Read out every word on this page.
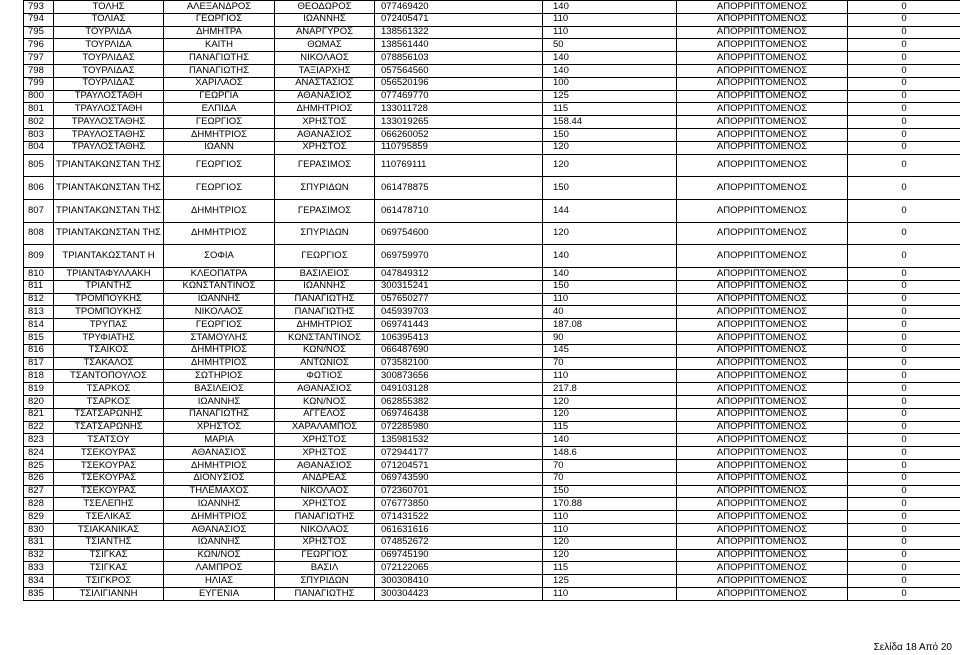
793	ΤΟΛΗΣ	ΑΛΕΞΑΝΔΡΟΣ	ΘΕΟΔΩΡΟΣ	077469420	140	ΑΠΟΡΡΙΠΤΟΜΕΝΟΣ	0
794	ΤΟΛΙΑΣ	ΓΕΩΡΓΙΟΣ	ΙΩΑΝΝΗΣ	072405471	110	ΑΠΟΡΡΙΠΤΟΜΕΝΟΣ	0
795	ΤΟΥΡΛΙΔΑ	ΔΗΜΗΤΡΑ	ΑΝΑΡΓΥΡΟΣ	138561322	110	ΑΠΟΡΡΙΠΤΟΜΕΝΟΣ	0
796	ΤΟΥΡΛΙΔΑ	ΚΑΙΤΗ	ΘΩΜΑΣ	138561440	50	ΑΠΟΡΡΙΠΤΟΜΕΝΟΣ	0
797	ΤΟΥΡΛΙΔΑΣ	ΠΑΝΑΓΙΩΤΗΣ	ΝΙΚΟΛΑΟΣ	078856103	140	ΑΠΟΡΡΙΠΤΟΜΕΝΟΣ	0
798	ΤΟΥΡΛΙΔΑΣ	ΠΑΝΑΓΙΩΤΗΣ	ΤΑΞΙΑΡΧΗΣ	057564560	140	ΑΠΟΡΡΙΠΤΟΜΕΝΟΣ	0
799	ΤΟΥΡΛΙΔΑΣ	ΧΑΡΙΛΑΟΣ	ΑΝΑΣΤΑΣΙΟΣ	056520196	100	ΑΠΟΡΡΙΠΤΟΜΕΝΟΣ	0
800	ΤΡΑΥΛΟΣΤΑΘΗ	ΓΕΩΡΓΙΑ	ΑΘΑΝΑΣΙΟΣ	077469770	125	ΑΠΟΡΡΙΠΤΟΜΕΝΟΣ	0
801	ΤΡΑΥΛΟΣΤΑΘΗ	ΕΛΠΙΔΑ	ΔΗΜΗΤΡΙΟΣ	133011728	115	ΑΠΟΡΡΙΠΤΟΜΕΝΟΣ	0
802	ΤΡΑΥΛΟΣΤΑΘΗΣ	ΓΕΩΡΓΙΟΣ	ΧΡΗΣΤΟΣ	133019265	158.44	ΑΠΟΡΡΙΠΤΟΜΕΝΟΣ	0
803	ΤΡΑΥΛΟΣΤΑΘΗΣ	ΔΗΜΗΤΡΙΟΣ	ΑΘΑΝΑΣΙΟΣ	066260052	150	ΑΠΟΡΡΙΠΤΟΜΕΝΟΣ	0
804	ΤΡΑΥΛΟΣΤΑΘΗΣ	ΙΩΑΝΝ	ΧΡΗΣΤΟΣ	110795859	120	ΑΠΟΡΡΙΠΤΟΜΕΝΟΣ	0
805	ΤΡΙΑΝΤΑΚΩΝΣΤΑΝ ΤΗΣ	ΓΕΩΡΓΙΟΣ	ΓΕΡΑΣΙΜΟΣ	110769111	120	ΑΠΟΡΡΙΠΤΟΜΕΝΟΣ	0
806	ΤΡΙΑΝΤΑΚΩΝΣΤΑΝ ΤΗΣ	ΓΕΩΡΓΙΟΣ	ΣΠΥΡΙΔΩΝ	061478875	150	ΑΠΟΡΡΙΠΤΟΜΕΝΟΣ	0
807	ΤΡΙΑΝΤΑΚΩΝΣΤΑΝ ΤΗΣ	ΔΗΜΗΤΡΙΟΣ	ΓΕΡΑΣΙΜΟΣ	061478710	144	ΑΠΟΡΡΙΠΤΟΜΕΝΟΣ	0
808	ΤΡΙΑΝΤΑΚΩΝΣΤΑΝ ΤΗΣ	ΔΗΜΗΤΡΙΟΣ	ΣΠΥΡΙΔΩΝ	069754600	120	ΑΠΟΡΡΙΠΤΟΜΕΝΟΣ	0
809	ΤΡΙΑΝΤΑΚΩΣΤΑΝΤ Η	ΣΟΦΙΑ	ΓΕΩΡΓΙΟΣ	069759970	140	ΑΠΟΡΡΙΠΤΟΜΕΝΟΣ	0
810	ΤΡΙΑΝΤΑΦΥΛΛΑΚΗ	ΚΛΕΟΠΑΤΡΑ	ΒΑΣΙΛΕΙΟΣ	047849312	140	ΑΠΟΡΡΙΠΤΟΜΕΝΟΣ	0
811	ΤΡΙΑΝΤΗΣ	ΚΩΝΣΤΑΝΤΙΝΟΣ	ΙΩΑΝΝΗΣ	300315241	150	ΑΠΟΡΡΙΠΤΟΜΕΝΟΣ	0
812	ΤΡΟΜΠΟΥΚΗΣ	ΙΩΑΝΝΗΣ	ΠΑΝΑΓΙΩΤΗΣ	057650277	110	ΑΠΟΡΡΙΠΤΟΜΕΝΟΣ	0
813	ΤΡΟΜΠΟΥΚΗΣ	ΝΙΚΟΛΑΟΣ	ΠΑΝΑΓΙΩΤΗΣ	045939703	40	ΑΠΟΡΡΙΠΤΟΜΕΝΟΣ	0
814	ΤΡΥΠΑΣ	ΓΕΩΡΓΙΟΣ	ΔΗΜΗΤΡΙΟΣ	069741443	187.08	ΑΠΟΡΡΙΠΤΟΜΕΝΟΣ	0
815	ΤΡΥΦΙΑΤΗΣ	ΣΤΑΜΟΥΛΗΣ	ΚΩΝΣΤΑΝΤΙΝΟΣ	106395413	90	ΑΠΟΡΡΙΠΤΟΜΕΝΟΣ	0
816	ΤΣΑΙΚΟΣ	ΔΗΜΗΤΡΙΟΣ	ΚΩΝ/ΝΟΣ	066487690	145	ΑΠΟΡΡΙΠΤΟΜΕΝΟΣ	0
817	ΤΣΑΚΑΛΟΣ	ΔΗΜΗΤΡΙΟΣ	ΑΝΤΩΝΙΟΣ	073582100	70	ΑΠΟΡΡΙΠΤΟΜΕΝΟΣ	0
818	ΤΣΑΝΤΟΠΟΥΛΟΣ	ΣΩΤΗΡΙΟΣ	ΦΩΤΙΟΣ	300873656	110	ΑΠΟΡΡΙΠΤΟΜΕΝΟΣ	0
819	ΤΣΑΡΚΟΣ	ΒΑΣΙΛΕΙΟΣ	ΑΘΑΝΑΣΙΟΣ	049103128	217.8	ΑΠΟΡΡΙΠΤΟΜΕΝΟΣ	0
820	ΤΣΑΡΚΟΣ	ΙΩΑΝΝΗΣ	ΚΩΝ/ΝΟΣ	062855382	120	ΑΠΟΡΡΙΠΤΟΜΕΝΟΣ	0
821	ΤΣΑΤΣΑΡΩΝΗΣ	ΠΑΝΑΓΙΩΤΗΣ	ΑΓΓΕΛΟΣ	069746438	120	ΑΠΟΡΡΙΠΤΟΜΕΝΟΣ	0
822	ΤΣΑΤΣΑΡΩΝΗΣ	ΧΡΗΣΤΟΣ	ΧΑΡΑΛΑΜΠΟΣ	072285980	115	ΑΠΟΡΡΙΠΤΟΜΕΝΟΣ	0
823	ΤΣΑΤΣΟΥ	ΜΑΡΙΑ	ΧΡΗΣΤΟΣ	135981532	140	ΑΠΟΡΡΙΠΤΟΜΕΝΟΣ	0
824	ΤΣΕΚΟΥΡΑΣ	ΑΘΑΝΑΣΙΟΣ	ΧΡΗΣΤΟΣ	072944177	148.6	ΑΠΟΡΡΙΠΤΟΜΕΝΟΣ	0
825	ΤΣΕΚΟΥΡΑΣ	ΔΗΜΗΤΡΙΟΣ	ΑΘΑΝΑΣΙΟΣ	071204571	70	ΑΠΟΡΡΙΠΤΟΜΕΝΟΣ	0
826	ΤΣΕΚΟΥΡΑΣ	ΔΙΟΝΥΣΙΟΣ	ΑΝΔΡΕΑΣ	069743590	70	ΑΠΟΡΡΙΠΤΟΜΕΝΟΣ	0
827	ΤΣΕΚΟΥΡΑΣ	ΤΗΛΕΜΑΧΟΣ	ΝΙΚΟΛΑΟΣ	072360701	150	ΑΠΟΡΡΙΠΤΟΜΕΝΟΣ	0
828	ΤΣΕΛΕΠΗΣ	ΙΩΑΝΝΗΣ	ΧΡΗΣΤΟΣ	076773850	170.88	ΑΠΟΡΡΙΠΤΟΜΕΝΟΣ	0
829	ΤΣΕΛΙΚΑΣ	ΔΗΜΗΤΡΙΟΣ	ΠΑΝΑΓΙΩΤΗΣ	071431522	110	ΑΠΟΡΡΙΠΤΟΜΕΝΟΣ	0
830	ΤΣΙΑΚΑΝΙΚΑΣ	ΑΘΑΝΑΣΙΟΣ	ΝΙΚΟΛΑΟΣ	061631616	110	ΑΠΟΡΡΙΠΤΟΜΕΝΟΣ	0
831	ΤΣΙΑΝΤΗΣ	ΙΩΑΝΝΗΣ	ΧΡΗΣΤΟΣ	074852672	120	ΑΠΟΡΡΙΠΤΟΜΕΝΟΣ	0
832	ΤΣΙΓΚΑΣ	ΚΩΝ/ΝΟΣ	ΓΕΩΡΓΙΟΣ	069745190	120	ΑΠΟΡΡΙΠΤΟΜΕΝΟΣ	0
833	ΤΣΙΓΚΑΣ	ΛΑΜΠΡΟΣ	ΒΑΣΙΛ	072122065	115	ΑΠΟΡΡΙΠΤΟΜΕΝΟΣ	0
834	ΤΣΙΓΚΡΟΣ	ΗΛΙΑΣ	ΣΠΥΡΙΔΩΝ	300308410	125	ΑΠΟΡΡΙΠΤΟΜΕΝΟΣ	0
835	ΤΣΙΛΙΓΙΑΝΝΗ	ΕΥΓΕΝΙΑ	ΠΑΝΑΓΙΩΤΗΣ	300304423	110	ΑΠΟΡΡΙΠΤΟΜΕΝΟΣ	0
Σελίδα 18 Από 20
